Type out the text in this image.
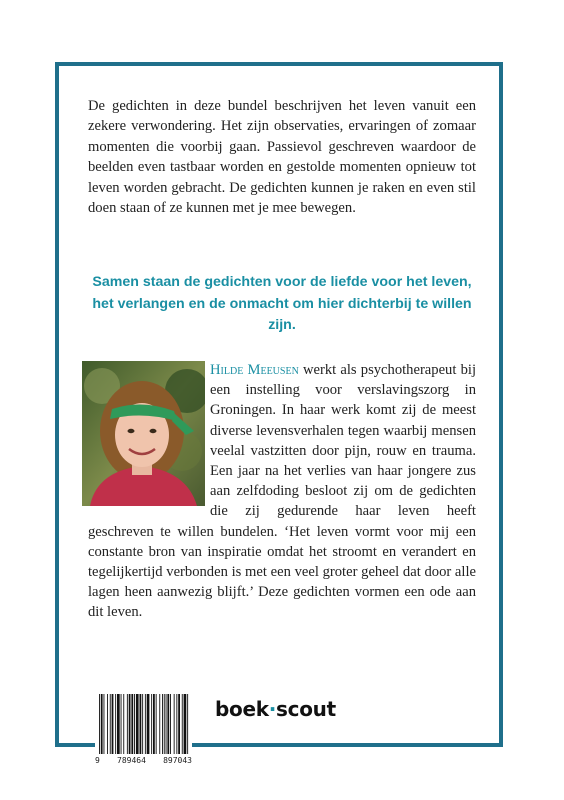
De gedichten in deze bundel beschrijven het leven vanuit een zekere verwondering. Het zijn observaties, ervaringen of zomaar momenten die voorbij gaan. Passievol geschreven waardoor de beelden even tastbaar worden en gestolde momenten opnieuw tot leven worden gebracht. De gedichten kunnen je raken en even stil doen staan of ze kunnen met je mee bewegen.

Samen staan de gedichten voor de liefde voor het leven, het verlangen en de onmacht om hier dichterbij te willen zijn.

Hilde Meeusen werkt als psychotherapeut bij een instelling voor verslavingszorg in Groningen. In haar werk komt zij de meest diverse levensverhalen tegen waarbij mensen veelal vastzitten door pijn, rouw en trauma. Een jaar na het verlies van haar jongere zus aan zelfdoding besloot zij om de gedichten die zij gedurende haar leven heeft geschreven te willen bundelen. ‘Het leven vormt voor mij een constante bron van inspiratie omdat het stroomt en verandert en tegelijkertijd verbonden is met een veel groter geheel dat door alle lagen heen aanwezig blijft.’ Deze gedichten vormen een ode aan dit leven.

9 789464 897043
boek·scout
